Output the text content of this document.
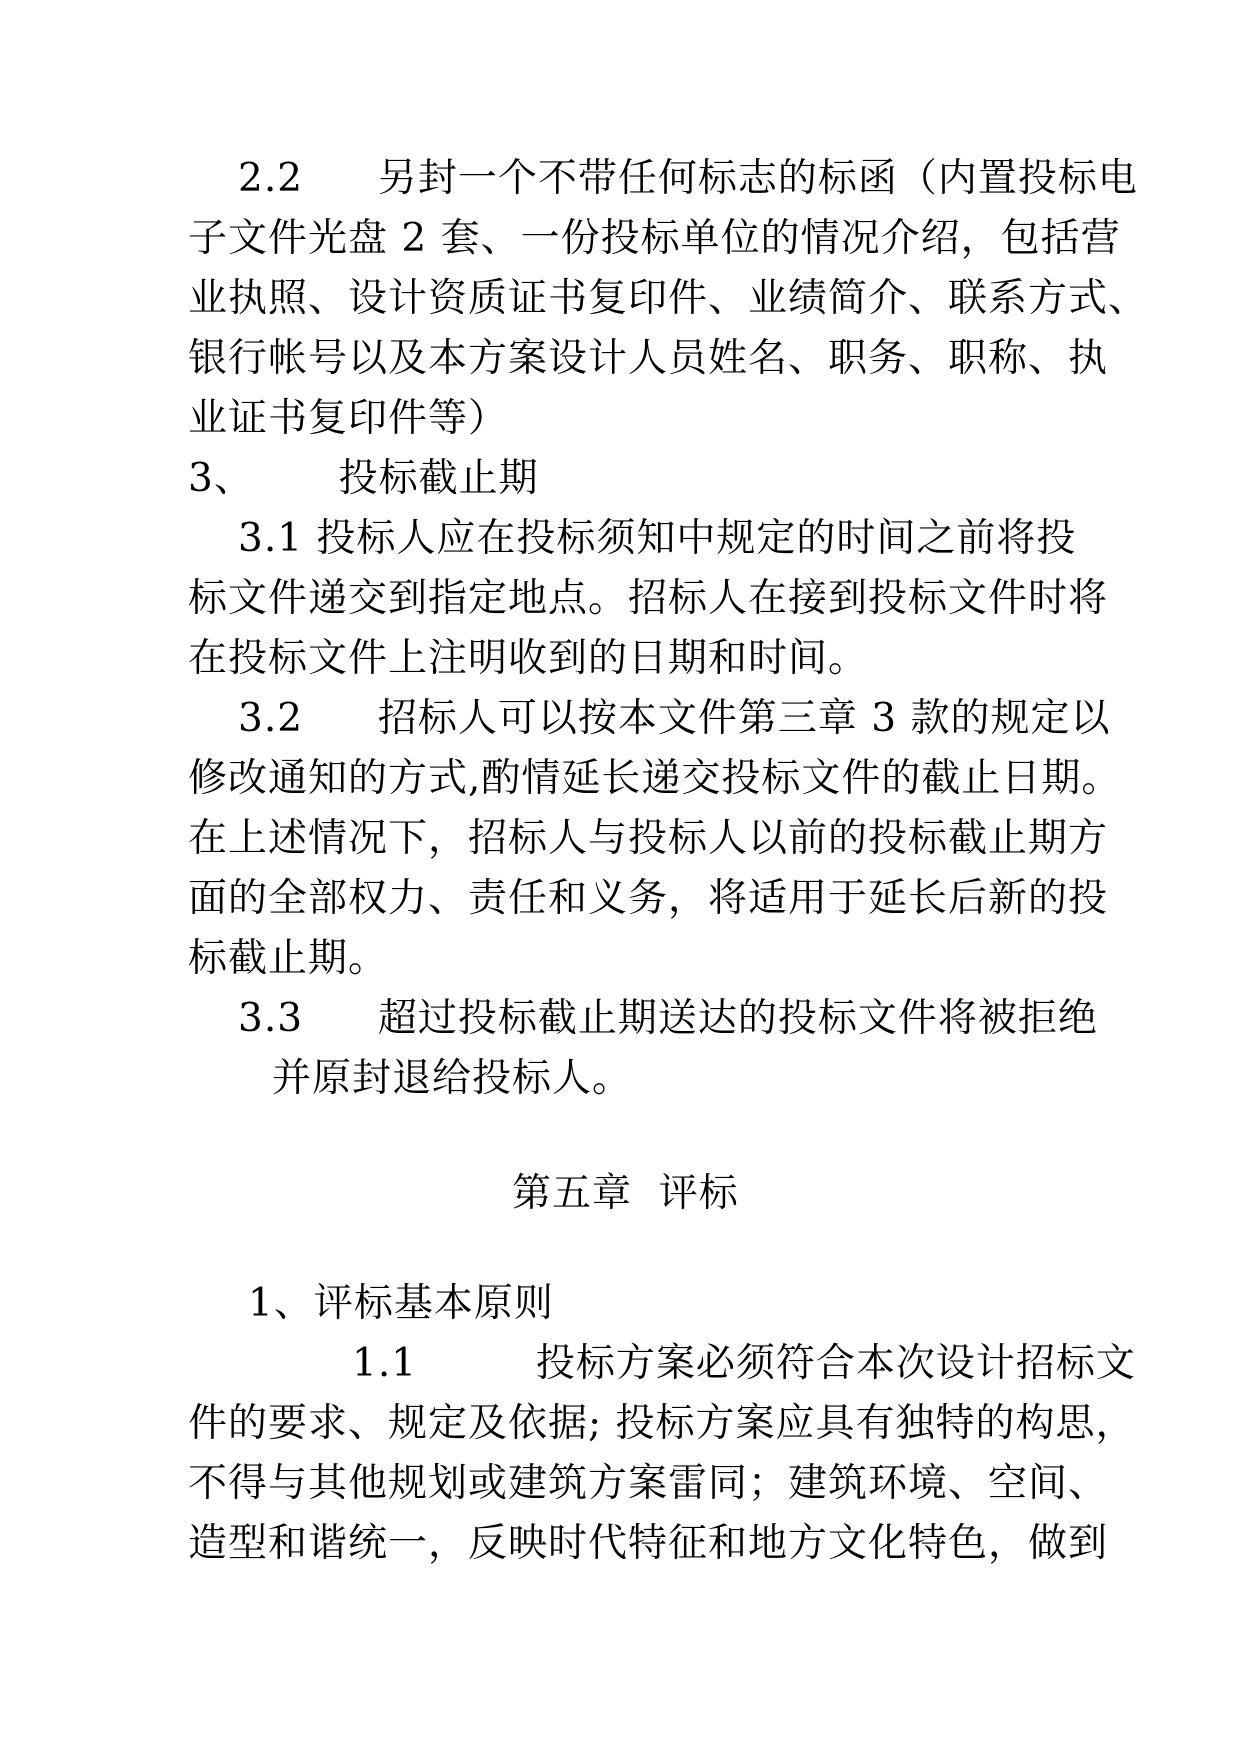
2.2 另封一个不带任何标志的标函（内置投标电
子文件光盘 2 套、一份投标单位的情况介绍，包括营
业执照、设计资质证书复印件、业绩简介、联系方式、
银行帐号以及本方案设计人员姓名、职务、职称、执
业证书复印件等）
3、 投标截止期
3.1 投标人应在投标须知中规定的时间之前将投
标文件递交到指定地点。招标人在接到投标文件时将
在投标文件上注明收到的日期和时间。
3.2 招标人可以按本文件第三章 3 款的规定以
修改通知的方式,酌情延长递交投标文件的截止日期。
在上述情况下，招标人与投标人以前的投标截止期方
面的全部权力、责任和义务，将适用于延长后新的投
标截止期。
3.3 超过投标截止期送达的投标文件将被拒绝
并原封退给投标人。
第五章  评标
1、评标基本原则
1.1	投标方案必须符合本次设计招标文
件的要求、规定及依据; 投标方案应具有独特的构思，
不得与其他规划或建筑方案雷同；建筑环境、空间、
造型和谐统一，反映时代特征和地方文化特色，做到
